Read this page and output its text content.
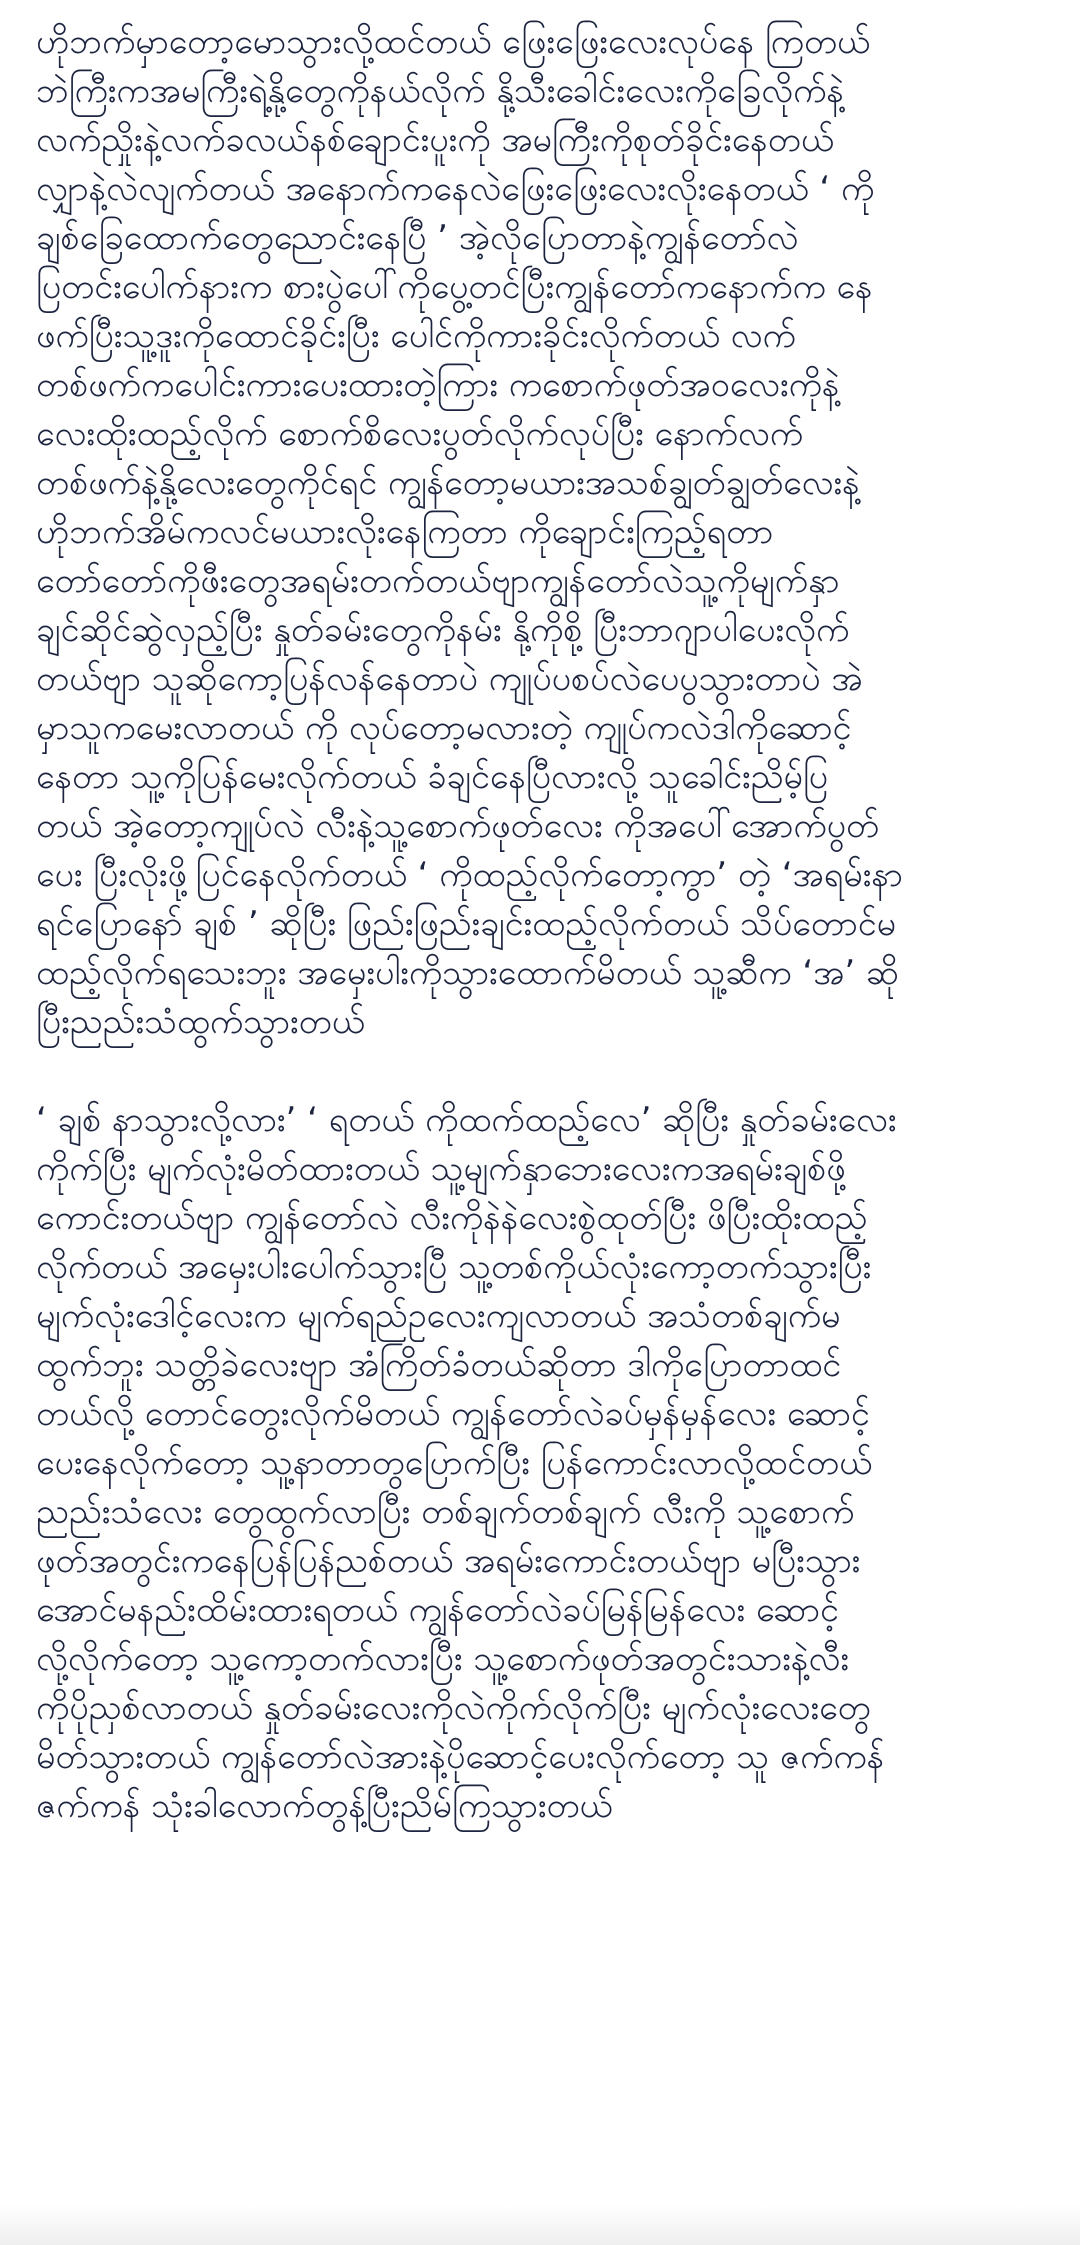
ဟိုဘက်မှာတော့မောသွားလို့ထင်တယ် ဖြေးဖြေးလေးလုပ်နေ ကြတယ်
ဘဲကြီးကအမကြီးရဲ့နို့တွေကိုနယ်လိုက် နို့သီးခေါင်းလေးကိုခြေလိုက်နဲ့
လက်ညှိုးနဲ့လက်ခလယ်နစ်ချောင်းပူးကို အမကြီးကိုစုတ်ခိုင်းနေတယ်
လျှာနဲ့လဲလျက်တယ် အနောက်ကနေလဲဖြေးဖြေးလေးလိုးနေတယ် ‘ ကို
ချစ်ခြေထောက်တွေညောင်းနေပြီ ’ အဲ့လိုပြောတာနဲ့ကျွန်တော်လဲ
ပြတင်းပေါက်နားက စားပွဲပေါ်ကိုပွေ့တင်ပြီးကျွန်တော်ကနောက်က နေ
ဖက်ပြီးသူ့ဒူးကိုထောင်ခိုင်းပြီး ပေါင်ကိုကားခိုင်းလိုက်တယ် လက်
တစ်ဖက်ကပေါင်းကားပေးထားတဲ့ကြား ကစောက်ဖုတ်အဝလေးကိုနဲ့
လေးထိုးထည့်လိုက် စောက်စိလေးပွတ်လိုက်လုပ်ပြီး နောက်လက်
တစ်ဖက်နဲ့နို့လေးတွေကိုင်ရင် ကျွန်တော့မယားအသစ်ချွတ်ချွတ်လေးနဲ့
ဟိုဘက်အိမ်ကလင်မယားလိုးနေကြတာ ကိုချောင်းကြည့်ရတာ
တော်တော်ကိုဖီးတွေအရမ်းတက်တယ်ဗျာကျွန်တော်လဲသူ့ကိုမျက်နှာ
ချင်ဆိုင်ဆွဲလှည့်ပြီး နှုတ်ခမ်းတွေကိုနမ်း နို့ကိုစို့ ပြီးဘာဂျာပါပေးလိုက်
တယ်ဗျာ သူဆိုကော့ပြန်လန်နေတာပဲ ကျုပ်ပစပ်လဲပေပွသွားတာပဲ အဲ
မှာသူကမေးလာတယ် ကို လုပ်တော့မလားတဲ့ ကျုပ်ကလဲဒါကိုဆောင့်
နေတာ သူ့ကိုပြန်မေးလိုက်တယ် ခံချင်နေပြီလားလို့ သူခေါင်းညိမ့်ပြ
တယ် အဲ့တော့ကျုပ်လဲ လီးနဲ့သူ့စောက်ဖုတ်လေး ကိုအပေါ်အောက်ပွတ်
ပေး ပြီးလိုးဖို့ပြင်နေလိုက်တယ် ‘ ကိုထည့်လိုက်တော့ကွာ’ တဲ့ ‘အရမ်းနာ
ရင်ပြောနော် ချစ် ’ ဆိုပြီး ဖြည်းဖြည်းချင်းထည့်လိုက်တယ် သိပ်တောင်မ
ထည့်လိုက်ရသေးဘူး အမှေးပါးကိုသွားထောက်မိတယ် သူ့ဆီက ‘အ’ ဆို
ပြီးညည်းသံထွက်သွားတယ်

‘ ချစ် နာသွားလို့လား’ ‘ ရတယ် ကိုထက်ထည့်လေ’ ဆိုပြီး နှုတ်ခမ်းလေး
ကိုက်ပြီး မျက်လုံးမိတ်ထားတယ် သူ့မျက်နှာဘေးလေးကအရမ်းချစ်ဖို့
ကောင်းတယ်ဗျာ ကျွန်တော်လဲ လီးကိုနဲနဲလေးစွဲထုတ်ပြီး ဖိပြီးထိုးထည့်
လိုက်တယ် အမှေးပါးပေါက်သွားပြီ သူ့တစ်ကိုယ်လုံးကော့တက်သွားပြီး
မျက်လုံးဒေါင့်လေးက မျက်ရည်ဥလေးကျလာတယ် အသံတစ်ချက်မ
ထွက်ဘူး သတ္တိခဲလေးဗျာ အံကြိတ်ခံတယ်ဆိုတာ ဒါကိုပြောတာထင်
တယ်လို့ တောင်တွေးလိုက်မိတယ် ကျွန်တော်လဲခပ်မှန်မှန်လေး ဆောင့်
ပေးနေလိုက်တော့ သူ့နာတာတွပြောက်ပြီး ပြန်ကောင်းလာလို့ထင်တယ်
ညည်းသံလေး တွေထွက်လာပြီး တစ်ချက်တစ်ချက် လီးကို သူ့စောက်
ဖုတ်အတွင်းကနေပြန်ပြန်ညစ်တယ် အရမ်းကောင်းတယ်ဗျာ မပြီးသွား
အောင်မနည်းထိမ်းထားရတယ် ကျွန်တော်လဲခပ်မြန်မြန်လေး ဆောင့်
လို့လိုက်တော့ သူ့ကော့တက်လားပြီး သူ့စောက်ဖုတ်အတွင်းသားနဲ့လီး
ကိုပိုညှစ်လာတယ် နှုတ်ခမ်းလေးကိုလဲကိုက်လိုက်ပြီး မျက်လုံးလေးတွေ
မိတ်သွားတယ် ကျွန်တော်လဲအားနဲ့ပိုဆောင့်ပေးလိုက်တော့ သူ ဇက်ကန်
ဇက်ကန် သုံးခါလောက်တွန့်ပြီးညိမ်ကြသွားတယ်
